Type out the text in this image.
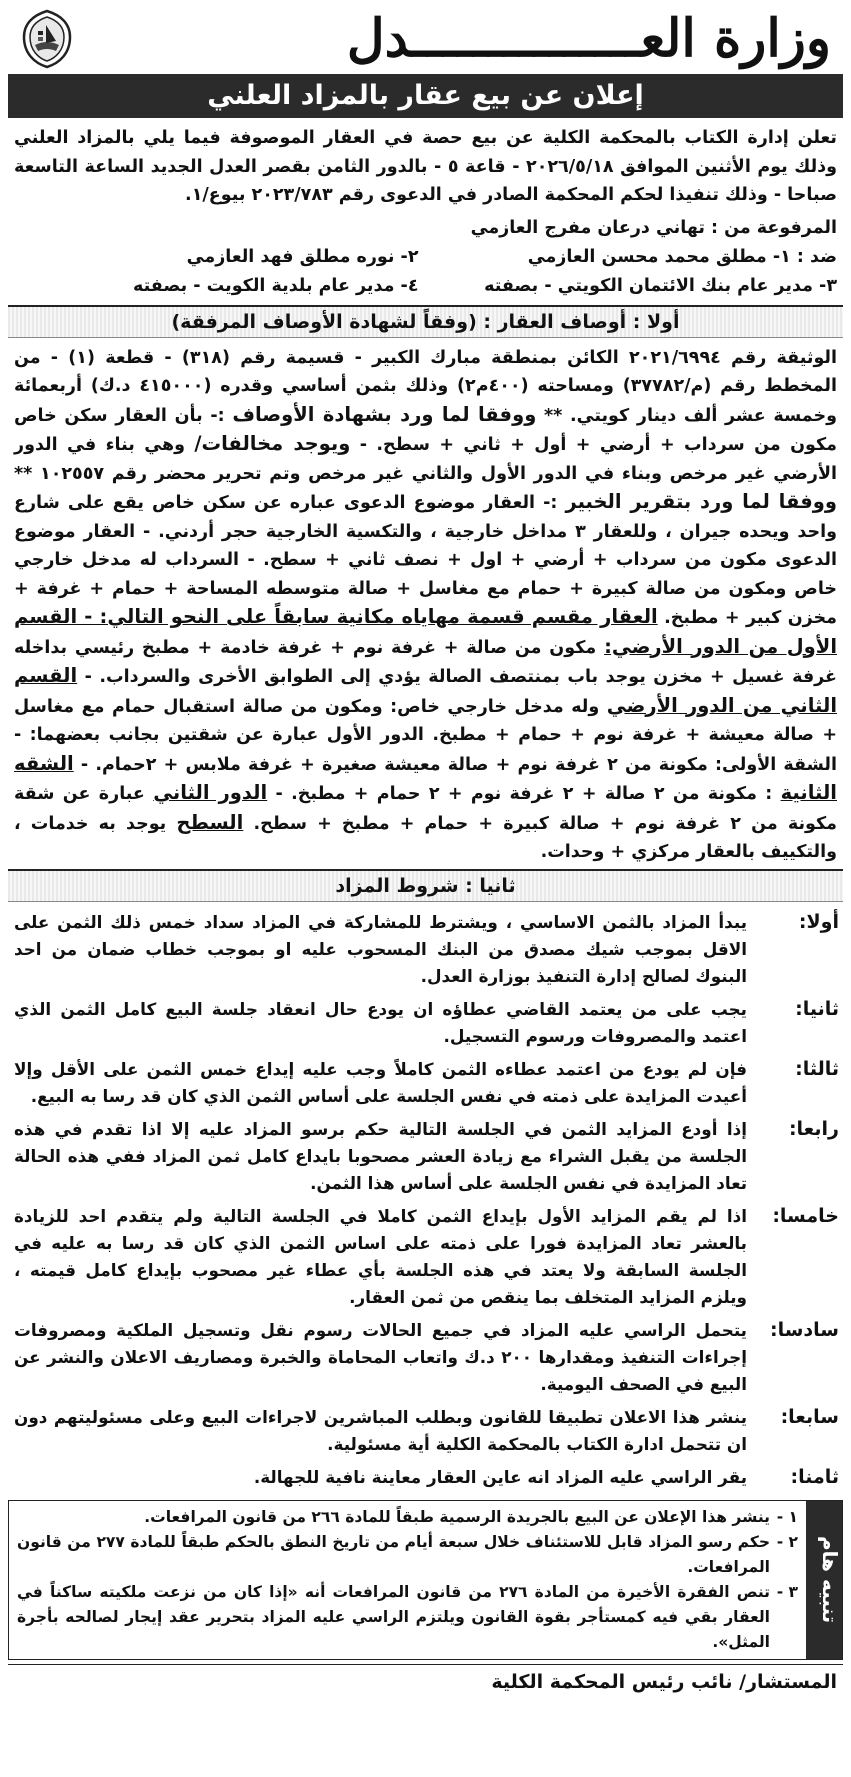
وزارة العـــــــــــــــدل
إعلان عن بيع عقار بالمزاد العلني

تعلن إدارة الكتاب بالمحكمة الكلية عن بيع حصة في العقار الموصوفة فيما يلي بالمزاد العلني وذلك يوم الأثنين الموافق ٢٠٢٦/٥/١٨ - قاعة ٥ - بالدور الثامن بقصر العدل الجديد الساعة التاسعة صباحا - وذلك تنفيذا لحكم المحكمة الصادر في الدعوى رقم ٢٠٢٣/٧٨٣ بيوع/١.

المرفوعة من : تهاني درعان مفرج العازمي
ضد : ١- مطلق محمد محسن العازمي
٢- نوره مطلق فهد العازمي
٣- مدير عام بنك الائتمان الكويتي - بصفته
٤- مدير عام بلدية الكويت - بصفته
أولا : أوصاف العقار : (وفقاً لشهادة الأوصاف المرفقة)

الوثيقة رقم ٢٠٢١/٦٩٩٤ الكائن بمنطقة مبارك الكبير - قسيمة رقم (٣١٨) - قطعة (١) - من المخطط رقم (م/٣٧٧٨٢) ومساحته (٤٠٠م٢) وذلك بثمن أساسي وقدره (٤١٥٠٠٠ د.ك) أربعمائة وخمسة عشر ألف دينار كويتي. ** ووفقا لما ورد بشهادة الأوصاف :- بأن العقار سكن خاص مكون من سرداب + أرضي + أول + ثاني + سطح. - ويوجد مخالفات/ وهي بناء في الدور الأرضي غير مرخص وبناء في الدور الأول والثاني غير مرخص وتم تحرير محضر رقم ١٠٢٥٥٧ ** ووفقا لما ورد بتقرير الخبير :- العقار موضوع الدعوى عباره عن سكن خاص يقع على شارع واحد ويحده جيران ، وللعقار ٣ مداخل خارجية ، والتكسية الخارجية حجر أردني. - العقار موضوع الدعوى مكون من سرداب + أرضي + اول + نصف ثاني + سطح. - السرداب له مدخل خارجي خاص ومكون من صالة كبيرة + حمام مع مغاسل + صالة متوسطه المساحة + حمام + غرفة + مخزن كبير + مطبخ. العقار مقسم قسمة مهاياه مكانية سابقاً على النحو التالي: - القسم الأول من الدور الأرضي: مكون من صالة + غرفة نوم + غرفة خادمة + مطبخ رئيسي بداخله غرفة غسيل + مخزن يوجد باب بمنتصف الصالة يؤدي إلى الطوابق الأخرى والسرداب. - القسم الثاني من الدور الأرضي وله مدخل خارجي خاص: ومكون من صالة استقبال حمام مع مغاسل + صالة معيشة + غرفة نوم + حمام + مطبخ. الدور الأول عبارة عن شقتين بجانب بعضهما: - الشقة الأولى: مكونة من ٢ غرفة نوم + صالة معيشة صغيرة + غرفة ملابس + ٢حمام. - الشقه الثانية : مكونة من ٢ صالة + ٢ غرفة نوم + ٢ حمام + مطبخ. - الدور الثاني عبارة عن شقة مكونة من ٢ غرفة نوم + صالة كبيرة + حمام + مطبخ + سطح. السطح يوجد به خدمات ، والتكييف بالعقار مركزي + وحدات.

ثانيا : شروط المزاد
أولا:
يبدأ المزاد بالثمن الاساسي ، ويشترط للمشاركة في المزاد سداد خمس ذلك الثمن على الاقل بموجب شيك مصدق من البنك المسحوب عليه او بموجب خطاب ضمان من احد البنوك لصالح إدارة التنفيذ بوزارة العدل.
ثانيا:
يجب على من يعتمد القاضي عطاؤه ان يودع حال انعقاد جلسة البيع كامل الثمن الذي اعتمد والمصروفات ورسوم التسجيل.
ثالثا:
فإن لم يودع من اعتمد عطاءه الثمن كاملاً وجب عليه إيداع خمس الثمن على الأقل وإلا أعيدت المزايدة على ذمته في نفس الجلسة على أساس الثمن الذي كان قد رسا به البيع.
رابعا:
إذا أودع المزايد الثمن في الجلسة التالية حكم برسو المزاد عليه إلا اذا تقدم في هذه الجلسة من يقبل الشراء مع زيادة العشر مصحوبا بايداع كامل ثمن المزاد ففي هذه الحالة تعاد المزايدة في نفس الجلسة على أساس هذا الثمن.
خامسا:
اذا لم يقم المزايد الأول بإيداع الثمن كاملا في الجلسة التالية ولم يتقدم احد للزيادة بالعشر تعاد المزايدة فورا على ذمته على اساس الثمن الذي كان قد رسا به عليه في الجلسة السابقة ولا يعتد في هذه الجلسة بأي عطاء غير مصحوب بإيداع كامل قيمته ، ويلزم المزايد المتخلف بما ينقص من ثمن العقار.
سادسا:
يتحمل الراسي عليه المزاد في جميع الحالات رسوم نقل وتسجيل الملكية ومصروفات إجراءات التنفيذ ومقدارها ٢٠٠ د.ك واتعاب المحاماة والخبرة ومصاريف الاعلان والنشر عن البيع في الصحف اليومية.
سابعا:
ينشر هذا الاعلان تطبيقا للقانون وبطلب المباشرين لاجراءات البيع وعلى مسئوليتهم دون ان تتحمل ادارة الكتاب بالمحكمة الكلية أية مسئولية.
ثامنا:
يقر الراسي عليه المزاد انه عاين العقار معاينة نافية للجهالة.
تنبيه هام
١ -
ينشر هذا الإعلان عن البيع بالجريدة الرسمية طبقاً للمادة ٢٦٦ من قانون المرافعات.
٢ -
حكم رسو المزاد قابل للاستئناف خلال سبعة أيام من تاريخ النطق بالحكم طبقاً للمادة ٢٧٧ من قانون المرافعات.
٣ -
تنص الفقرة الأخيرة من المادة ٢٧٦ من قانون المرافعات أنه «إذا كان من نزعت ملكيته ساكناً في العقار بقي فيه كمستأجر بقوة القانون ويلتزم الراسي عليه المزاد بتحرير عقد إيجار لصالحه بأجرة المثل».
المستشار/ نائب رئيس المحكمة الكلية
